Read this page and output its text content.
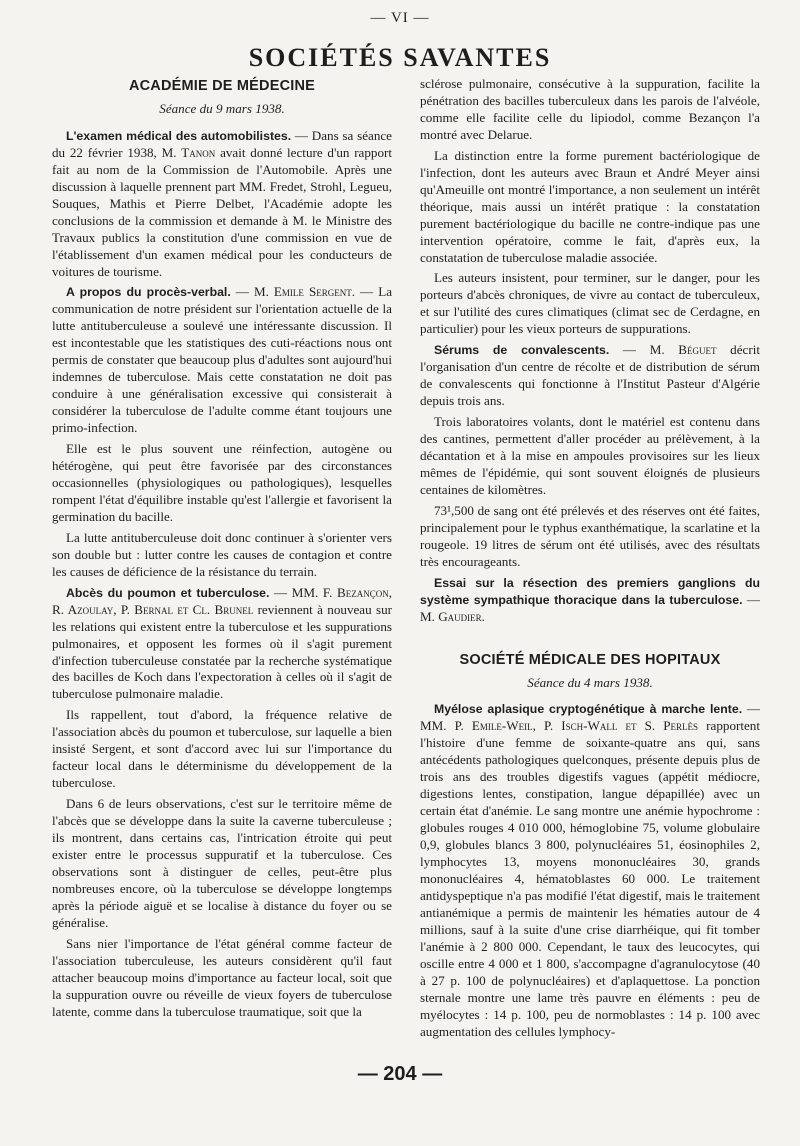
— VI —
SOCIÉTÉS SAVANTES
ACADÉMIE DE MÉDECINE
Séance du 9 mars 1938.

L'examen médical des automobilistes. — Dans sa séance du 22 février 1938, M. Tanon avait donné lecture d'un rapport fait au nom de la Commission de l'Automobile. Après une discussion à laquelle prennent part MM. Fredet, Strohl, Legueu, Souques, Mathis et Pierre Delbet, l'Académie adopte les conclusions de la commission et demande à M. le Ministre des Travaux publics la constitution d'une commission en vue de l'établissement d'un examen médical pour les conducteurs de voitures de tourisme.

A propos du procès-verbal. — M. Emile Sergent. — La communication de notre président sur l'orientation actuelle de la lutte antituberculeuse a soulevé une intéressante discussion. Il est incontestable que les statistiques des cuti-réactions nous ont permis de constater que beaucoup plus d'adultes sont aujourd'hui indemnes de tuberculose. Mais cette constatation ne doit pas conduire à une généralisation excessive qui consisterait à considérer la tuberculose de l'adulte comme étant toujours une primo-infection.

Elle est le plus souvent une réinfection, autogène ou hétérogène, qui peut être favorisée par des circonstances occasionnelles (physiologiques ou pathologiques), lesquelles rompent l'état d'équilibre instable qu'est l'allergie et favorisent la germination du bacille.

La lutte antituberculeuse doit donc continuer à s'orienter vers son double but : lutter contre les causes de contagion et contre les causes de déficience de la résistance du terrain.

Abcès du poumon et tuberculose. — MM. F. Bezançon, R. Azoulay, P. Bernal et Cl. Brunel reviennent à nouveau sur les relations qui existent entre la tuberculose et les suppurations pulmonaires, et opposent les formes où il s'agit purement d'infection tuberculeuse constatée par la recherche systématique des bacilles de Koch dans l'expectoration à celles où il s'agit de tuberculose pulmonaire maladie.

Ils rappellent, tout d'abord, la fréquence relative de l'association abcès du poumon et tuberculose, sur laquelle a bien insisté Sergent, et sont d'accord avec lui sur l'importance du facteur local dans le déterminisme du développement de la tuberculose.

Dans 6 de leurs observations, c'est sur le territoire même de l'abcès que se développe dans la suite la caverne tuberculeuse ; ils montrent, dans certains cas, l'intrication étroite qui peut exister entre le processus suppuratif et la tuberculose. Ces observations sont à distinguer de celles, peut-être plus nombreuses encore, où la tuberculose se développe longtemps après la période aiguë et se localise à distance du foyer ou se généralise.

Sans nier l'importance de l'état général comme facteur de l'association tuberculeuse, les auteurs considèrent qu'il faut attacher beaucoup moins d'importance au facteur local, soit que la suppuration ouvre ou réveille de vieux foyers de tuberculose latente, comme dans la tuberculose traumatique, soit que la

sclérose pulmonaire, consécutive à la suppuration, facilite la pénétration des bacilles tuberculeux dans les parois de l'alvéole, comme elle facilite celle du lipiodol, comme Bezançon l'a montré avec Delarue.

La distinction entre la forme purement bactériologique de l'infection, dont les auteurs avec Braun et André Meyer ainsi qu'Ameuille ont montré l'importance, a non seulement un intérêt théorique, mais aussi un intérêt pratique : la constatation purement bactériologique du bacille ne contre-indique pas une intervention opératoire, comme le fait, d'après eux, la constatation de tuberculose maladie associée.

Les auteurs insistent, pour terminer, sur le danger, pour les porteurs d'abcès chroniques, de vivre au contact de tuberculeux, et sur l'utilité des cures climatiques (climat sec de Cerdagne, en particulier) pour les vieux porteurs de suppurations.

Sérums de convalescents. — M. Béguet décrit l'organisation d'un centre de récolte et de distribution de sérum de convalescents qui fonctionne à l'Institut Pasteur d'Algérie depuis trois ans.

Trois laboratoires volants, dont le matériel est contenu dans des cantines, permettent d'aller procéder au prélèvement, à la décantation et à la mise en ampoules provisoires sur les lieux mêmes de l'épidémie, qui sont souvent éloignés de plusieurs centaines de kilomètres.

73¹,500 de sang ont été prélevés et des réserves ont été faites, principalement pour le typhus exanthématique, la scarlatine et la rougeole. 19 litres de sérum ont été utilisés, avec des résultats très encourageants.

Essai sur la résection des premiers ganglions du système sympathique thoracique dans la tuberculose. — M. Gaudier.

SOCIÉTÉ MÉDICALE DES HOPITAUX
Séance du 4 mars 1938.

Myélose aplasique cryptogénétique à marche lente. — MM. P. Emile-Weil, P. Isch-Wall et S. Perlès rapportent l'histoire d'une femme de soixante-quatre ans qui, sans antécédents pathologiques quelconques, présente depuis plus de trois ans des troubles digestifs vagues (appétit médiocre, digestions lentes, constipation, langue dépapillée) avec un certain état d'anémie. Le sang montre une anémie hypochrome : globules rouges 4 010 000, hémoglobine 75, volume globulaire 0,9, globules blancs 3 800, polynucléaires 51, éosinophiles 2, lymphocytes 13, moyens mononucléaires 30, grands mononucléaires 4, hématoblastes 60 000. Le traitement antidyspeptique n'a pas modifié l'état digestif, mais le traitement antianémique a permis de maintenir les hématies autour de 4 millions, sauf à la suite d'une crise diarrhéique, qui fit tomber l'anémie à 2 800 000. Cependant, le taux des leucocytes, qui oscille entre 4 000 et 1 800, s'accompagne d'agranulocytose (40 à 27 p. 100 de polynucléaires) et d'aplaquettose. La ponction sternale montre une lame très pauvre en éléments : peu de myélocytes : 14 p. 100, peu de normoblastes : 14 p. 100 avec augmentation des cellules lymphocy-

— 204 —
